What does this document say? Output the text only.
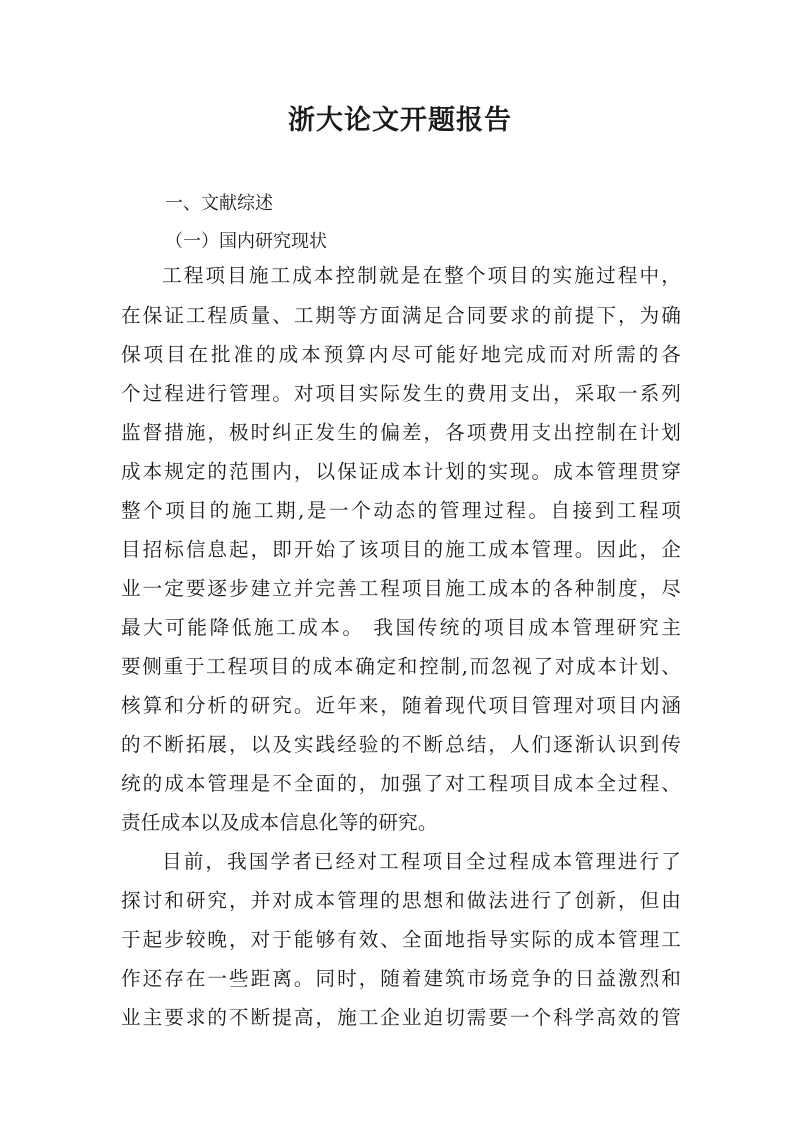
浙大论文开题报告
一、文献综述
（一）国内研究现状
工程项目施工成本控制就是在整个项目的实施过程中，
在保证工程质量、工期等方面满足合同要求的前提下，为确
保项目在批准的成本预算内尽可能好地完成而对所需的各
个过程进行管理。对项目实际发生的费用支出，采取一系列
监督措施，极时纠正发生的偏差，各项费用支出控制在计划
成本规定的范围内，以保证成本计划的实现。成本管理贯穿
整个项目的施工期,是一个动态的管理过程。自接到工程项
目招标信息起，即开始了该项目的施工成本管理。因此，企
业一定要逐步建立并完善工程项目施工成本的各种制度，尽
最大可能降低施工成本。 我国传统的项目成本管理研究主
要侧重于工程项目的成本确定和控制,而忽视了对成本计划、
核算和分析的研究。近年来，随着现代项目管理对项目内涵
的不断拓展，以及实践经验的不断总结，人们逐渐认识到传
统的成本管理是不全面的，加强了对工程项目成本全过程、
责任成本以及成本信息化等的研究。
目前，我国学者已经对工程项目全过程成本管理进行了
探讨和研究，并对成本管理的思想和做法进行了创新，但由
于起步较晚，对于能够有效、全面地指导实际的成本管理工
作还存在一些距离。同时，随着建筑市场竞争的日益激烈和
业主要求的不断提高，施工企业迫切需要一个科学高效的管
